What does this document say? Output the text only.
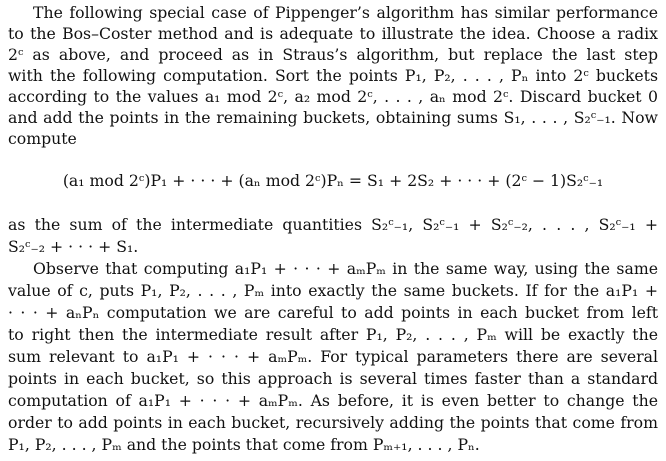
The following special case of Pippenger’s algorithm has similar performance
to the Bos–Coster method and is adequate to illustrate the idea. Choose a radix
2ᶜ as above, and proceed as in Straus’s algorithm, but replace the last step
with the following computation. Sort the points P₁, P₂, . . . , Pₙ into 2ᶜ buckets
according to the values a₁ mod 2ᶜ, a₂ mod 2ᶜ, . . . , aₙ mod 2ᶜ. Discard bucket 0
and add the points in the remaining buckets, obtaining sums S₁, . . . , S₂ᶜ₋₁. Now
compute
(a₁ mod 2ᶜ)P₁ + · · · + (aₙ mod 2ᶜ)Pₙ = S₁ + 2S₂ + · · · + (2ᶜ − 1)S₂ᶜ₋₁
as the sum of the intermediate quantities S₂ᶜ₋₁, S₂ᶜ₋₁ + S₂ᶜ₋₂, . . . , S₂ᶜ₋₁ +
S₂ᶜ₋₂ + · · · + S₁.
Observe that computing a₁P₁ + · · · + aₘPₘ in the same way, using the same
value of c, puts P₁, P₂, . . . , Pₘ into exactly the same buckets. If for the a₁P₁ +
· · · + aₙPₙ computation we are careful to add points in each bucket from left
to right then the intermediate result after P₁, P₂, . . . , Pₘ will be exactly the
sum relevant to a₁P₁ + · · · + aₘPₘ. For typical parameters there are several
points in each bucket, so this approach is several times faster than a standard
computation of a₁P₁ + · · · + aₘPₘ. As before, it is even better to change the
order to add points in each bucket, recursively adding the points that come from
P₁, P₂, . . . , Pₘ and the points that come from Pₘ₊₁, . . . , Pₙ.
